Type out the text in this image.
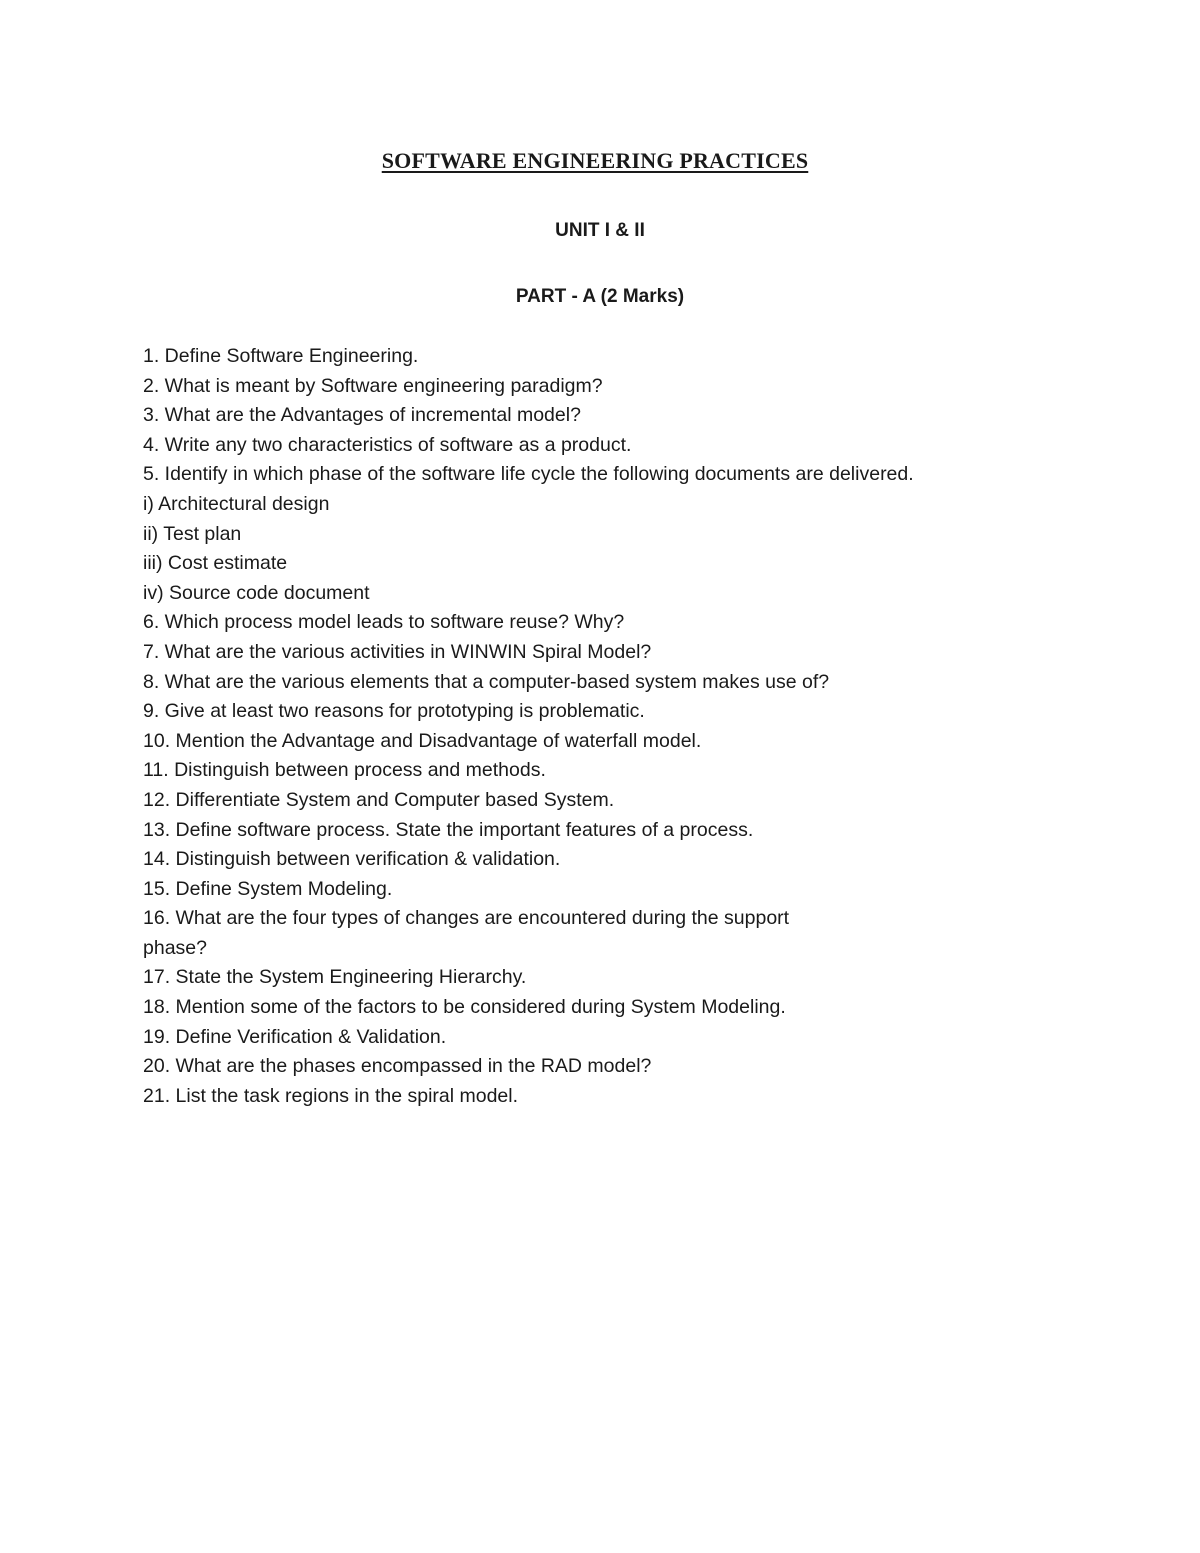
SOFTWARE ENGINEERING PRACTICES
UNIT I & II
PART - A (2 Marks)
1. Define Software Engineering.
2. What is meant by Software engineering paradigm?
3. What are the Advantages of incremental model?
4. Write any two characteristics of software as a product.
5. Identify in which phase of the software life cycle the following documents are delivered.
i) Architectural design
ii) Test plan
iii) Cost estimate
iv) Source code document
6. Which process model leads to software reuse? Why?
7. What are the various activities in WINWIN Spiral Model?
8. What are the various elements that a computer-based system makes use of?
9. Give at least two reasons for prototyping is problematic.
10. Mention the Advantage and Disadvantage of waterfall model.
11. Distinguish between process and methods.
12. Differentiate System and Computer based System.
13. Define software process. State the important features of a process.
14. Distinguish between verification & validation.
15. Define System Modeling.
16. What are the four types of changes are encountered during the support phase?
17. State the System Engineering Hierarchy.
18. Mention some of the factors to be considered during System Modeling.
19. Define Verification & Validation.
20. What are the phases encompassed in the RAD model?
21. List the task regions in the spiral model.
